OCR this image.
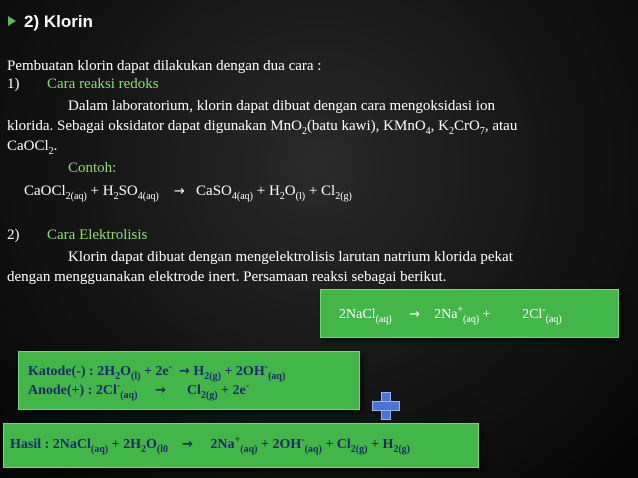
2) Klorin
Pembuatan klorin dapat dilakukan dengan dua cara :
1) Cara reaksi redoks
Dalam laboratorium, klorin dapat dibuat dengan cara mengoksidasi ion
klorida. Sebagai oksidator dapat digunakan MnO$_2$(batu kawi), KMnO$_4$, $K_2CrO_7$, atau
CaOCl$_2$.
Contoh:
CaOCl$_{2(aq)}$ + $H_2SO_{4(aq)}$ → CaSO$_{4(aq)}$ + $H_2O_{(l)} + Cl_{2(g)}$
2) Cara Elektrolisis
Klorin dapat dibuat dengan mengelektrolisis larutan natrium klorida pekat
dengan mengguanakan elektrode inert. Persamaan reaksi sebagai berikut.
2NaCl$_{(aq)}$ → $2Na^+_{(aq)} + 2Cl^-_{(aq)}$
Katode(-) : $2H_2O_{(l)} + 2e^- \to H_{2(g)} + 2OH^-_{(aq)}$
Anode(+) : $2Cl^-_{(aq)} \to Cl_{2(g)} + 2e^-$
Hasil : 2NaCl$_{(aq)}$ + $2H_2O_{(l0} \to 2Na^+_{(aq)} + 2OH^-_{(aq)} + Cl_{2(g)} + H_{2(g)}$
